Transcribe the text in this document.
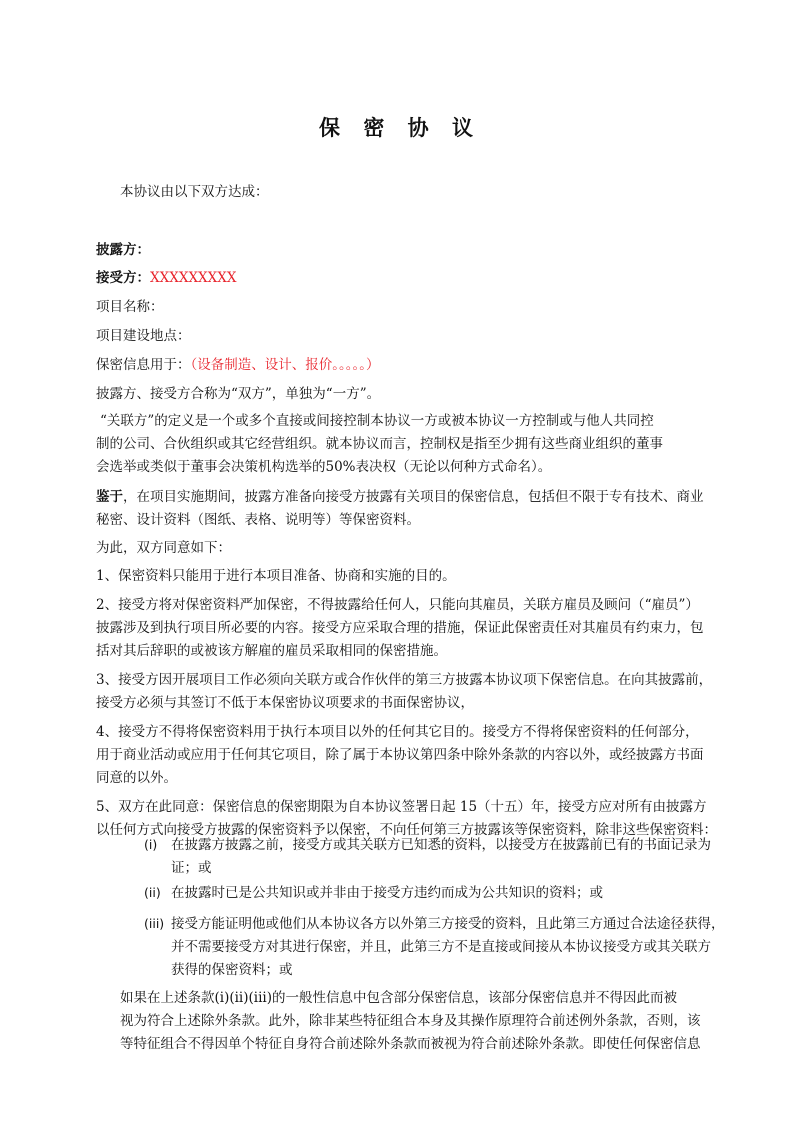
保 密 协 议
本协议由以下双方达成：
披露方：
接受方：XXXXXXXXX
项目名称：
项目建设地点：
保密信息用于：（设备制造、设计、报价。。。。。）
披露方、接受方合称为“双方”，单独为“一方”。
“关联方”的定义是一个或多个直接或间接控制本协议一方或被本协议一方控制或与他人共同控
制的公司、合伙组织或其它经营组织。就本协议而言，控制权是指至少拥有这些商业组织的董事
会选举或类似于董事会决策机构选举的50%表决权（无论以何种方式命名）。
鉴于，在项目实施期间，披露方准备向接受方披露有关项目的保密信息，包括但不限于专有技术、商业
秘密、设计资料（图纸、表格、说明等）等保密资料。
为此，双方同意如下：
1、保密资料只能用于进行本项目准备、协商和实施的目的。
2、接受方将对保密资料严加保密，不得披露给任何人，只能向其雇员，关联方雇员及顾问（“雇员”）
披露涉及到执行项目所必要的内容。接受方应采取合理的措施，保证此保密责任对其雇员有约束力，包
括对其后辞职的或被该方解雇的雇员采取相同的保密措施。
3、接受方因开展项目工作必须向关联方或合作伙伴的第三方披露本协议项下保密信息。在向其披露前，
接受方必须与其签订不低于本保密协议项要求的书面保密协议，
4、接受方不得将保密资料用于执行本项目以外的任何其它目的。接受方不得将保密资料的任何部分，
用于商业活动或应用于任何其它项目，除了属于本协议第四条中除外条款的内容以外，或经披露方书面
同意的以外。
5、双方在此同意：保密信息的保密期限为自本协议签署日起 15（十五）年，接受方应对所有由披露方
以任何方式向接受方披露的保密资料予以保密，不向任何第三方披露该等保密资料，除非这些保密资料：
(i) 在披露方披露之前，接受方或其关联方已知悉的资料，以接受方在披露前已有的书面记录为
证；或
(ii) 在披露时已是公共知识或并非由于接受方违约而成为公共知识的资料；或
(iii) 接受方能证明他或他们从本协议各方以外第三方接受的资料，且此第三方通过合法途径获得，
并不需要接受方对其进行保密，并且，此第三方不是直接或间接从本协议接受方或其关联方
获得的保密资料；或
如果在上述条款(i)(ii)(iii)的一般性信息中包含部分保密信息，该部分保密信息并不得因此而被
视为符合上述除外条款。此外，除非某些特征组合本身及其操作原理符合前述例外条款，否则，该
等特征组合不得因单个特征自身符合前述除外条款而被视为符合前述除外条款。即使任何保密信息
